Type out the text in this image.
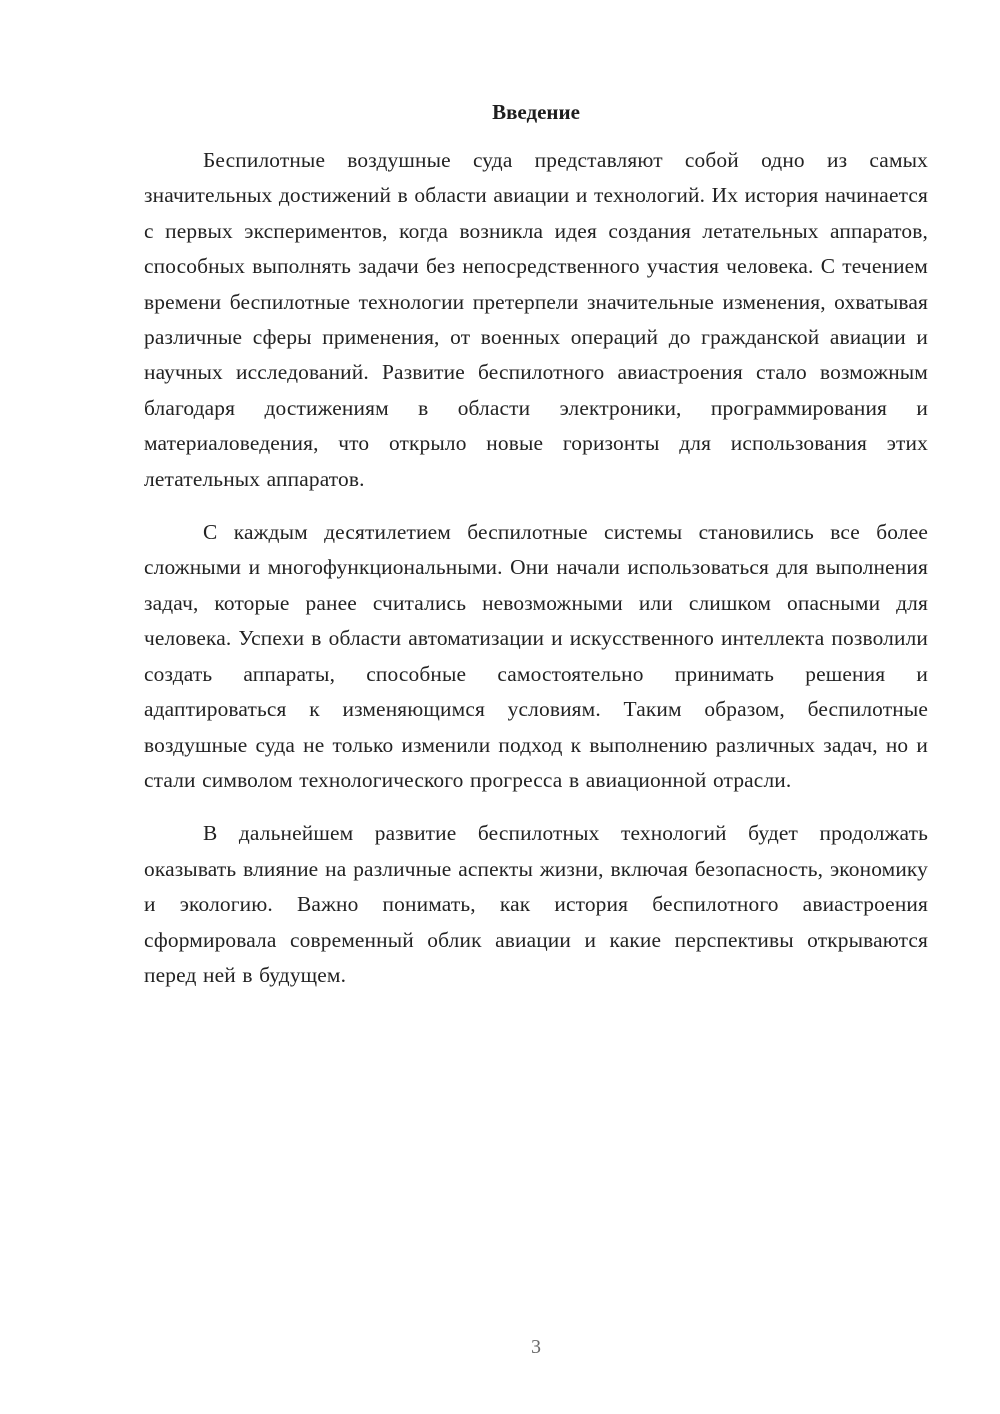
Введение

Беспилотные воздушные суда представляют собой одно из самых значительных достижений в области авиации и технологий. Их история начинается с первых экспериментов, когда возникла идея создания летательных аппаратов, способных выполнять задачи без непосредственного участия человека. С течением времени беспилотные технологии претерпели значительные изменения, охватывая различные сферы применения, от военных операций до гражданской авиации и научных исследований. Развитие беспилотного авиастроения стало возможным благодаря достижениям в области электроники, программирования и материаловедения, что открыло новые горизонты для использования этих летательных аппаратов.

С каждым десятилетием беспилотные системы становились все более сложными и многофункциональными. Они начали использоваться для выполнения задач, которые ранее считались невозможными или слишком опасными для человека. Успехи в области автоматизации и искусственного интеллекта позволили создать аппараты, способные самостоятельно принимать решения и адаптироваться к изменяющимся условиям. Таким образом, беспилотные воздушные суда не только изменили подход к выполнению различных задач, но и стали символом технологического прогресса в авиационной отрасли.

В дальнейшем развитие беспилотных технологий будет продолжать оказывать влияние на различные аспекты жизни, включая безопасность, экономику и экологию. Важно понимать, как история беспилотного авиастроения сформировала современный облик авиации и какие перспективы открываются перед ней в будущем.

3
